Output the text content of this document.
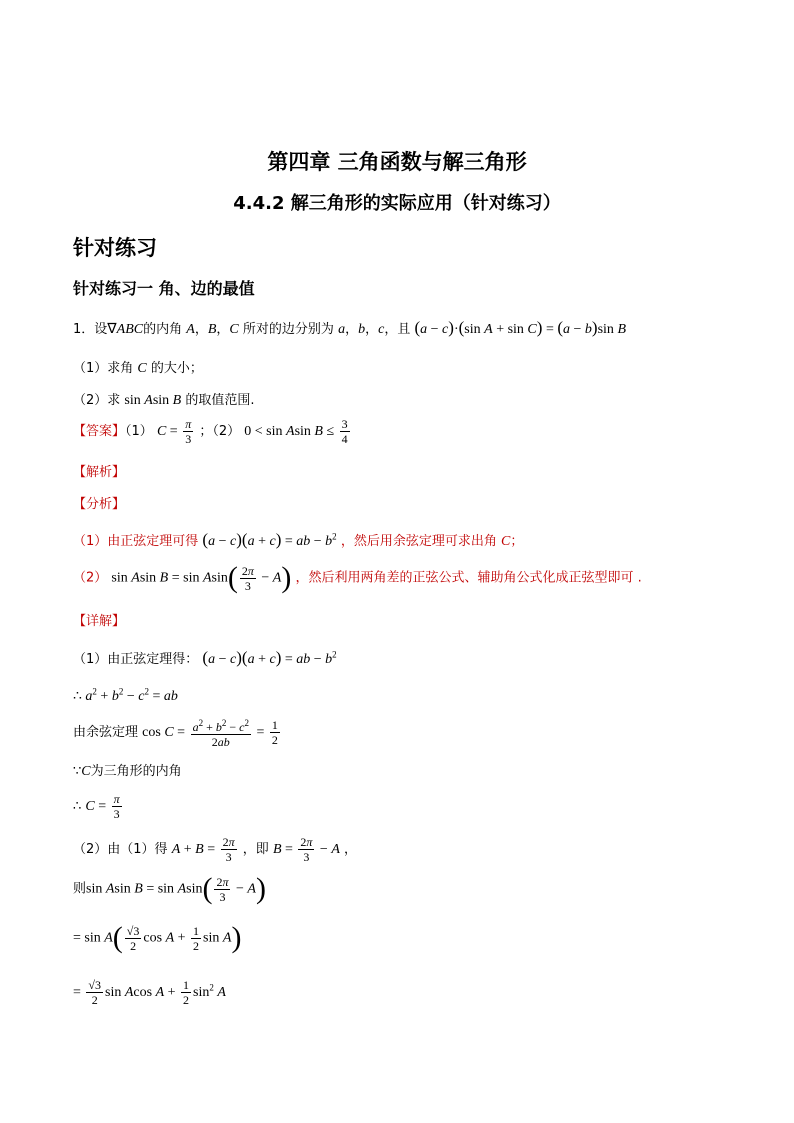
第四章 三角函数与解三角形
4.4.2 解三角形的实际应用（针对练习）
针对练习
针对练习一 角、边的最值
1．设∇ABC的内角 A，B，C 所对的边分别为 a，b，c，且 (a − c)·(sin A + sin C) = (a − b)sin B
（1）求角 C 的大小；
（2）求 sin Asin B 的取值范围.
【答案】（1） $C = \frac{\pi}{3}$ ；（2） 0 < sin Asin $B \le \frac{3}{4}$
【解析】
【分析】
（1）由正弦定理可得 (a − c)(a + c) = ab − $b^2$ ，然后用余弦定理可求出角 C；
（2） sin Asin $B = \sin Asin( \frac{2\pi}{3} - A)$ ，然后利用两角差的正弦公式、辅助角公式化成正弦型即可 .
【详解】
（1）由正弦定理得： (a − c)(a + c) = ab − $b^2$
∴ $a^2 + b^2 - c^2$ = ab
由余弦定理 $\cos C = \frac{a^2 + b^2 - c^2}{2ab} = \frac{1}{2}$
∵C为三角形的内角
∴ $C = \frac{\pi}{3}$
（2）由（1）得 $A + B = \frac{2\pi}{3}$ ，即 $B = \frac{2\pi}{3} - A$ ，
则sin Asin $B = \sin Asin( \frac{2\pi}{3} - A)$
= $\sin A( \frac{√3}{2}$ $\cos A + \frac{1}{2}$ sin A)
= $\frac{√3}{2}$ sin Acos $A + \frac{1}{2} \sin^2 A$
